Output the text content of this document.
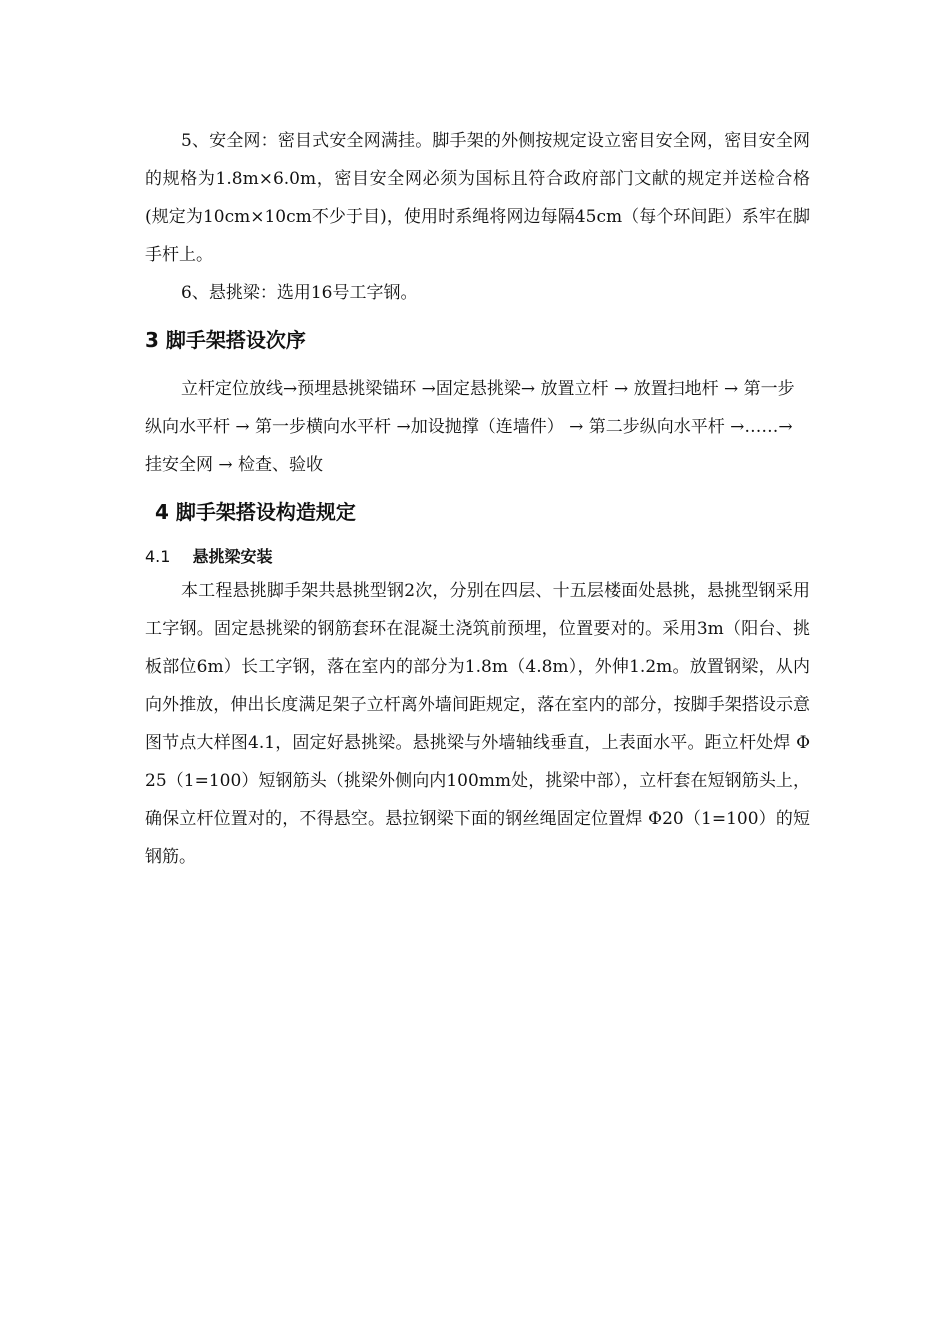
5、安全网：密目式安全网满挂。脚手架的外侧按规定设立密目安全网，密目安全网的规格为1.8m×6.0m，密目安全网必须为国标且符合政府部门文献的规定并送检合格(规定为10cm×10cm不少于目)，使用时系绳将网边每隔45cm（每个环间距）系牢在脚手杆上。

6、悬挑梁：选用16号工字钢。

3 脚手架搭设次序

立杆定位放线→预埋悬挑梁锚环 →固定悬挑梁→ 放置立杆 → 放置扫地杆 → 第一步纵向水平杆 → 第一步横向水平杆 →加设抛撑（连墙件） → 第二步纵向水平杆 →……→ 挂安全网 → 检查、验收

4 脚手架搭设构造规定
4.1 悬挑梁安装

本工程悬挑脚手架共悬挑型钢2次，分别在四层、十五层楼面处悬挑，悬挑型钢采用工字钢。固定悬挑梁的钢筋套环在混凝土浇筑前预埋，位置要对的。采用3m（阳台、挑板部位6m）长工字钢，落在室内的部分为1.8m（4.8m），外伸1.2m。放置钢梁，从内向外推放，伸出长度满足架子立杆离外墙间距规定，落在室内的部分，按脚手架搭设示意图节点大样图4.1，固定好悬挑梁。悬挑梁与外墙轴线垂直，上表面水平。距立杆处焊 Φ25（1=100）短钢筋头（挑梁外侧向内100mm处，挑梁中部），立杆套在短钢筋头上，确保立杆位置对的，不得悬空。悬拉钢梁下面的钢丝绳固定位置焊 Φ20（1=100）的短钢筋。
